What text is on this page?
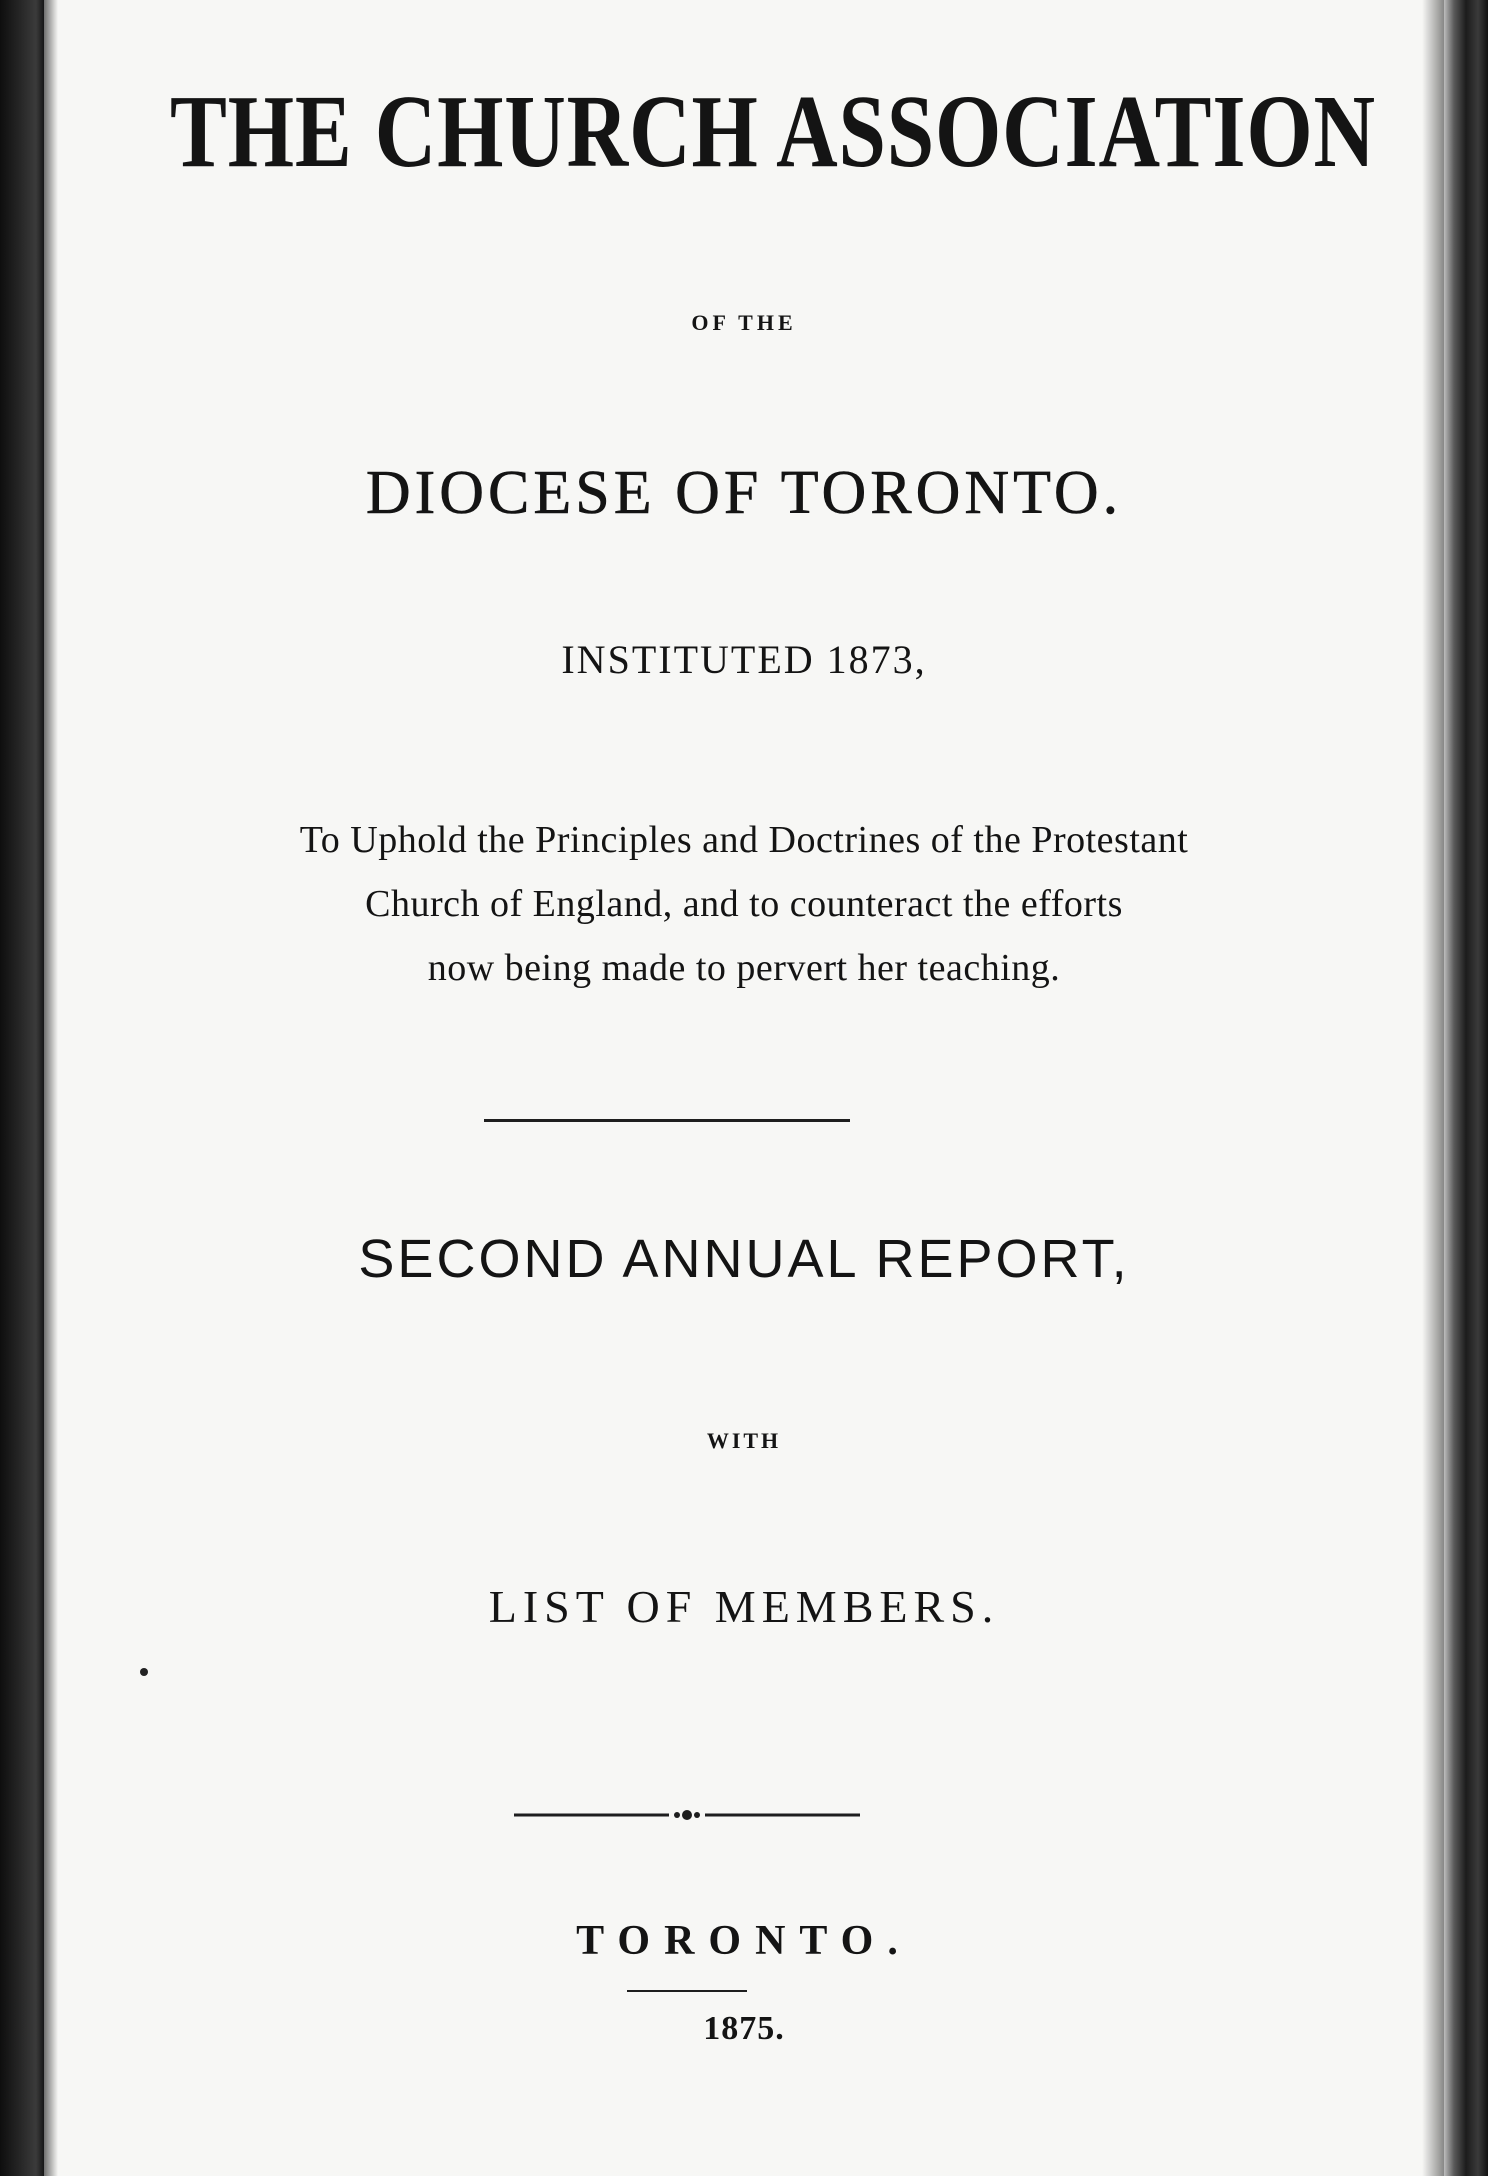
THE CHURCH ASSOCIATION
OF THE
DIOCESE OF TORONTO.
INSTITUTED 1873,
To Uphold the Principles and Doctrines of the Protestant
Church of England, and to counteract the efforts
now being made to pervert her teaching.
SECOND ANNUAL REPORT,
WITH
LIST OF MEMBERS.
TORONTO.
1875.
